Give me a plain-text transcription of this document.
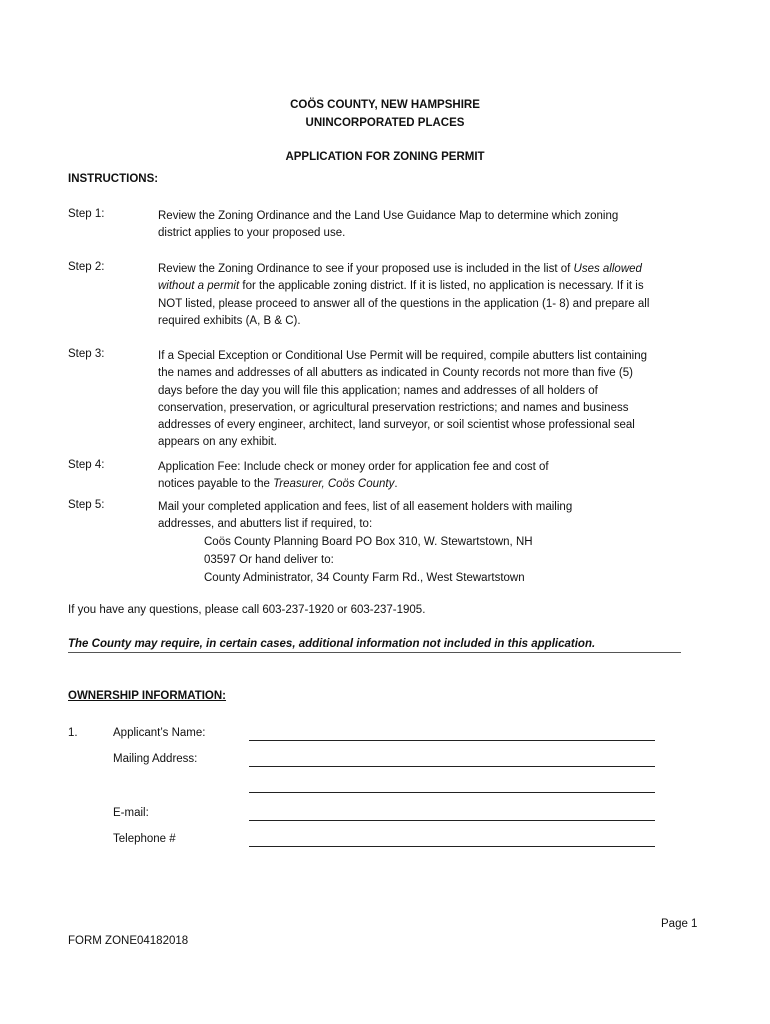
COÖS COUNTY, NEW HAMPSHIRE
UNINCORPORATED PLACES
APPLICATION FOR ZONING PERMIT
INSTRUCTIONS:
Step 1:	Review the Zoning Ordinance and the Land Use Guidance Map to determine which zoning
district applies to your proposed use.
Step 2:	Review the Zoning Ordinance to see if your proposed use is included in the list of Uses allowed
without a permit for the applicable zoning district. If it is listed, no application is necessary. If it is
NOT listed, please proceed to answer all of the questions in the application (1- 8) and prepare all
required exhibits (A, B & C).
Step 3:	If a Special Exception or Conditional Use Permit will be required, compile abutters list containing
the names and addresses of all abutters as indicated in County records not more than five (5)
days before the day you will file this application; names and addresses of all holders of
conservation, preservation, or agricultural preservation restrictions; and names and business
addresses of every engineer, architect, land surveyor, or soil scientist whose professional seal
appears on any exhibit.
Step 4:	Application Fee: Include check or money order for application fee and cost of
notices payable to the Treasurer, Coös County.
Step 5:	Mail your completed application and fees, list of all easement holders with mailing
addresses, and abutters list if required, to:
Coös County Planning Board PO Box 310, W. Stewartstown, NH
03597 Or hand deliver to:
County Administrator, 34 County Farm Rd., West Stewartstown
If you have any questions, please call 603-237-1920 or 603-237-1905.
The County may require, in certain cases, additional information not included in this application.
OWNERSHIP INFORMATION:
1.	Applicant’s Name:
Mailing Address:
E-mail:
Telephone #
Page 1
FORM ZONE04182018
